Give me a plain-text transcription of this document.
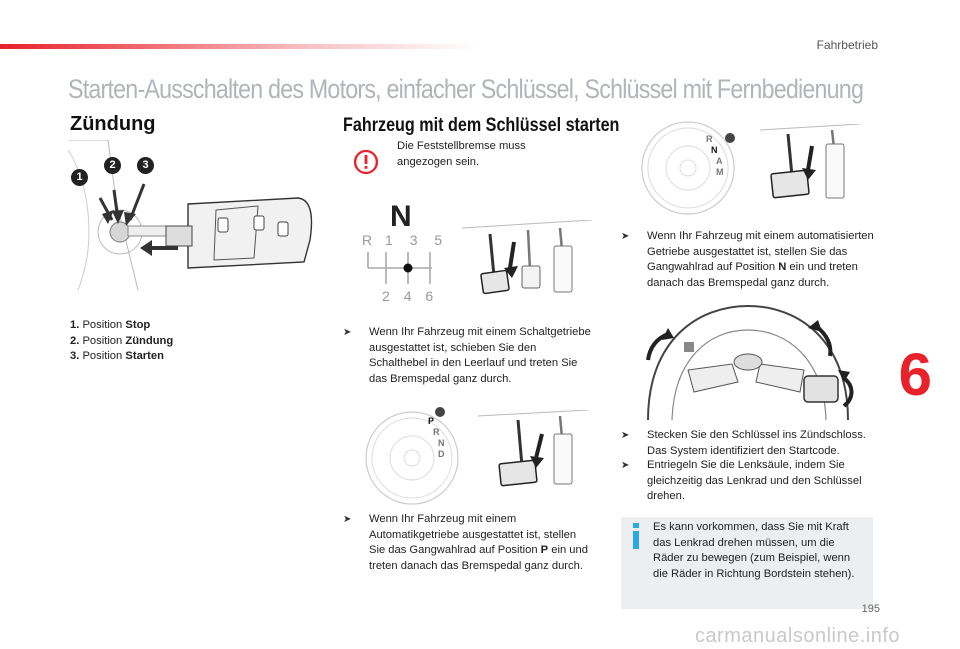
Fahrbetrieb
Starten-Ausschalten des Motors, einfacher Schlüssel, Schlüssel mit Fernbedienung
Zündung
1
2	3
1. Position Stop
2. Position Zündung
3. Position Starten
Fahrzeug mit dem Schlüssel starten
Die Feststellbremse muss angezogen sein.
N
R 1 3 5
2 4 6
➤	Wenn Ihr Fahrzeug mit einem Schaltgetriebe ausgestattet ist, schieben Sie den Schalthebel in den Leerlauf und treten Sie das Bremspedal ganz durch.
P
R
N
D
➤	Wenn Ihr Fahrzeug mit einem Automatikgetriebe ausgestattet ist, stellen Sie das Gangwahlrad auf Position P ein und treten danach das Bremspedal ganz durch.
R
N
A
M
➤	Wenn Ihr Fahrzeug mit einem automatisierten Getriebe ausgestattet ist, stellen Sie das Gangwahlrad auf Position N ein und treten danach das Bremspedal ganz durch.
➤	Stecken Sie den Schlüssel ins Zündschloss. Das System identifiziert den Startcode.
➤	Entriegeln Sie die Lenksäule, indem Sie gleichzeitig das Lenkrad und den Schlüssel drehen.
Es kann vorkommen, dass Sie mit Kraft das Lenkrad drehen müssen, um die Räder zu bewegen (zum Beispiel, wenn die Räder in Richtung Bordstein stehen).
6
195
carmanualsonline.info
